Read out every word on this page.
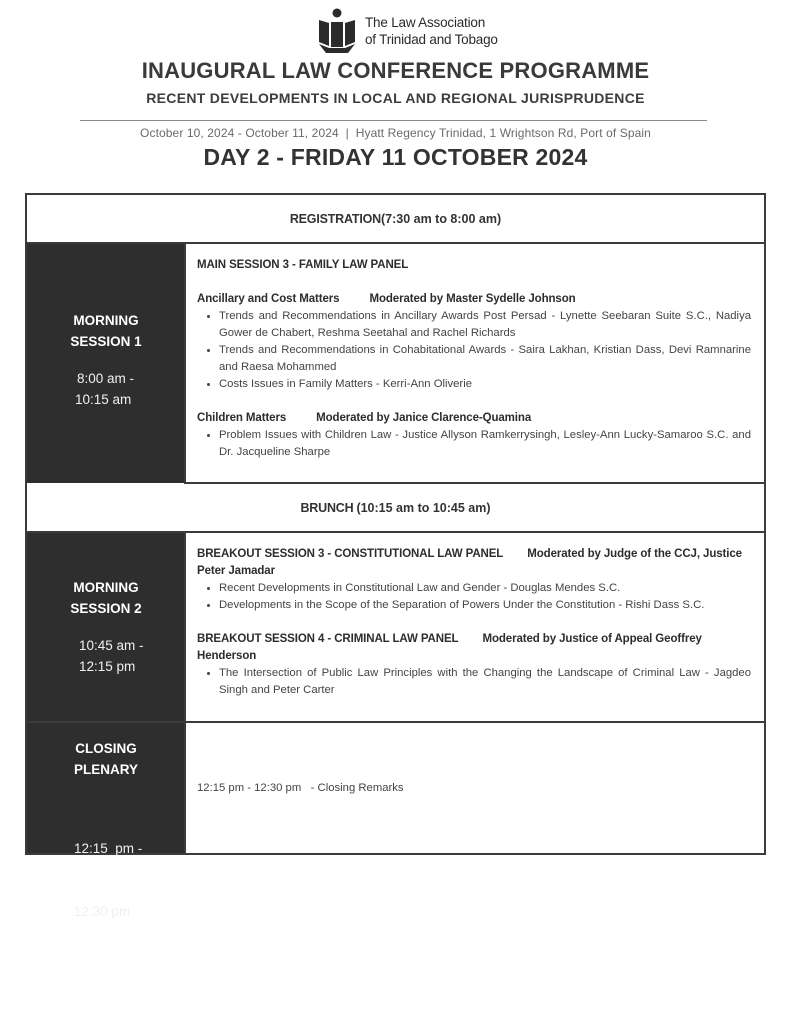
The Law Association
of Trinidad and Tobago
INAUGURAL LAW CONFERENCE PROGRAMME
RECENT DEVELOPMENTS IN LOCAL AND REGIONAL JURISPRUDENCE
October 10, 2024 - October 11, 2024  |  Hyatt Regency Trinidad, 1 Wrightson Rd, Port of Spain
DAY 2 - FRIDAY 11 OCTOBER 2024
REGISTRATION (7:30 am to 8:00 am)
MORNING
SESSION 1
8:00 am -
10:15 am
MAIN SESSION 3 - FAMILY LAW PANEL
Ancillary and Cost Matters	Moderated by Master Sydelle Johnson
• Trends and Recommendations in Ancillary Awards Post Persad - Lynette Seebaran Suite S.C., Nadiya Gower de Chabert, Reshma Seetahal and Rachel Richards
• Trends and Recommendations in Cohabitational Awards - Saira Lakhan, Kristian Dass, Devi Ramnarine and Raesa Mohammed
• Costs Issues in Family Matters - Kerri-Ann Oliverie
Children Matters	Moderated by Janice Clarence-Quamina
• Problem Issues with Children Law - Justice Allyson Ramkerrysingh, Lesley-Ann Lucky-Samaroo S.C. and Dr. Jacqueline Sharpe
BRUNCH (10:15 am to 10:45 am)
MORNING
SESSION 2
10:45 am -
12:15 pm
BREAKOUT SESSION 3 - CONSTITUTIONAL LAW PANEL Moderated by Judge of the CCJ, Justice Peter Jamadar
• Recent Developments in Constitutional Law and Gender - Douglas Mendes S.C.
• Developments in the Scope of the Separation of Powers Under the Constitution - Rishi Dass S.C.
BREAKOUT SESSION 4 - CRIMINAL LAW PANEL Moderated by Justice of Appeal Geoffrey Henderson
• The Intersection of Public Law Principles with the Changing the Landscape of Criminal Law - Jagdeo Singh and Peter Carter
CLOSING
PLENARY

12:15  pm -

12:30 pm

12:15 pm - 12:30 pm   - Closing Remarks
